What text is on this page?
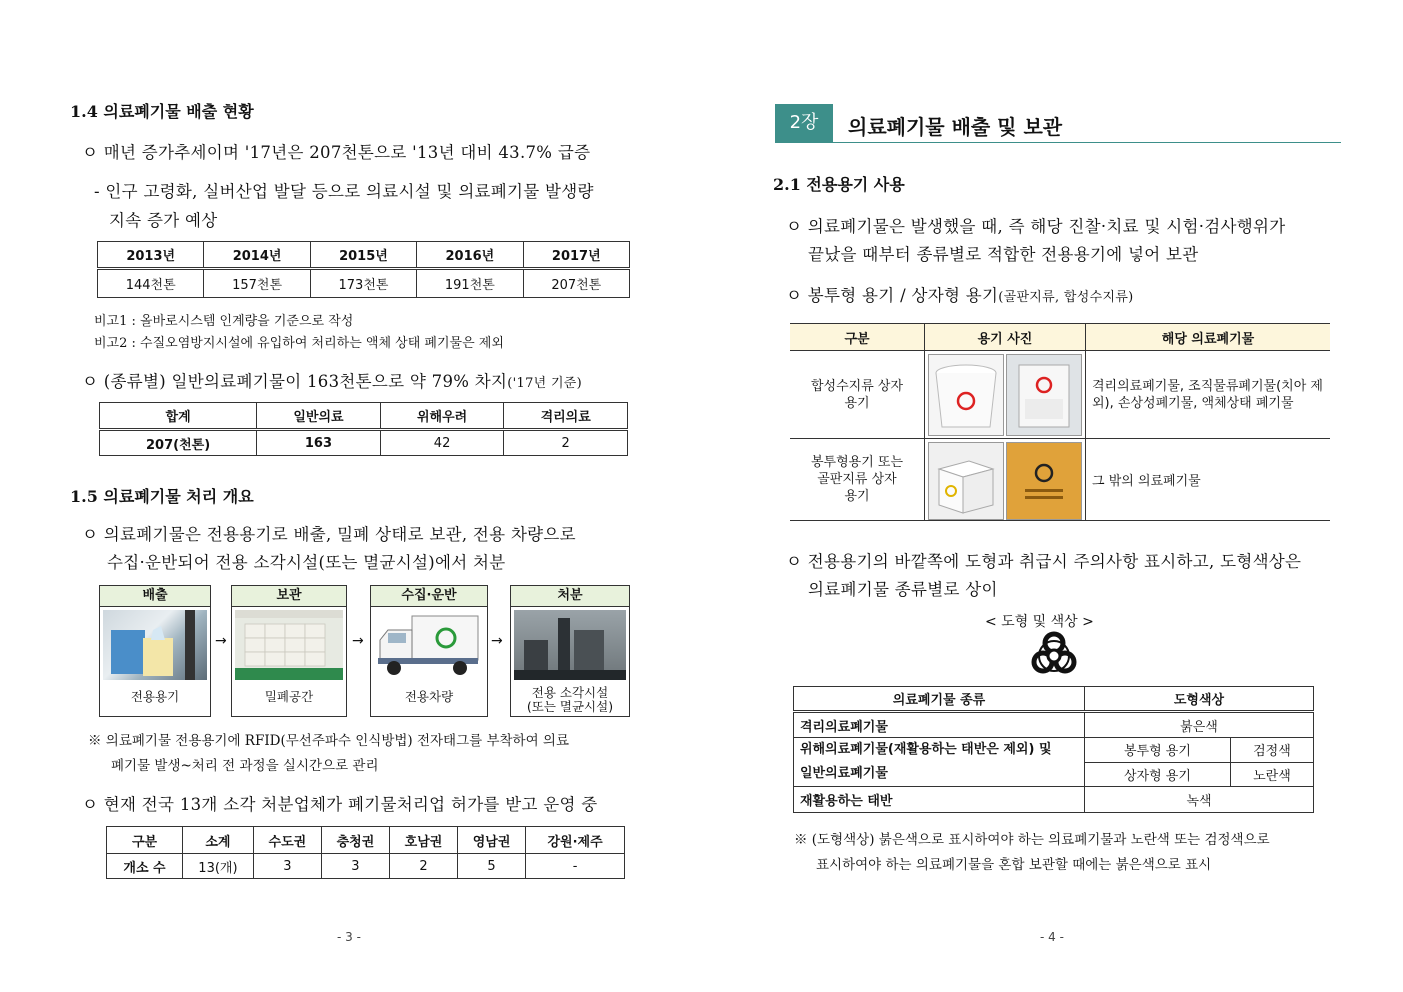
1.4 의료폐기물 배출 현황
ㅇ 매년 증가추세이며 '17년은 207천톤으로 '13년 대비 43.7% 급증
- 인구 고령화, 실버산업 발달 등으로 의료시설 및 의료폐기물 발생량
지속 증가 예상
2013년	2014년	2015년	2016년	2017년
144천톤	157천톤	173천톤	191천톤	207천톤
비고1 : 올바로시스템 인계량을 기준으로 작성
비고2 : 수질오염방지시설에 유입하여 처리하는 액체 상태 폐기물은 제외
ㅇ (종류별) 일반의료폐기물이 163천톤으로 약 79% 차지('17년 기준)
합계	일반의료	위해우려	격리의료
207(천톤)	163	42	2
1.5 의료폐기물 처리 개요
ㅇ 의료폐기물은 전용용기로 배출, 밀폐 상태로 보관, 전용 차량으로
수집·운반되어 전용 소각시설(또는 멸균시설)에서 처분
배출
전용용기
→
보관
밀폐공간
→
수집·운반
전용차량
→
처분
전용 소각시설
(또는 멸균시설)
※ 의료폐기물 전용용기에 RFID(무선주파수 인식방법) 전자태그를 부착하여 의료
폐기물 발생~처리 전 과정을 실시간으로 관리
ㅇ 현재 전국 13개 소각 처분업체가 폐기물처리업 허가를 받고 운영 중
구분	소계	수도권	충청권	호남권	영남권	강원·제주
개소 수	13(개)	3	3	2	5	-
- 3 -
2장	의료폐기물 배출 및 보관
2.1 전용용기 사용
ㅇ 의료폐기물은 발생했을 때, 즉 해당 진찰·치료 및 시험·검사행위가
끝났을 때부터 종류별로 적합한 전용용기에 넣어 보관
ㅇ 봉투형 용기 / 상자형 용기(골판지류, 합성수지류)
구분	용기 사진	해당 의료폐기물

합성수지류 상자
용기		격리의료폐기물, 조직물류폐기물(치아 제외), 손상성폐기물, 액체상태 폐기물

봉투형용기 또는
골판지류 상자
용기		그 밖의 의료폐기물
ㅇ 전용용기의 바깥쪽에 도형과 취급시 주의사항 표시하고, 도형색상은
의료폐기물 종류별로 상이
< 도형 및 색상 >
의료폐기물 종류	도형색상	
격리의료폐기물	붉은색	

위해의료폐기물(재활용하는 태반은 제외) 및
일반의료폐기물	봉투형 용기	검정색
	상자형 용기	노란색
재활용하는 태반	녹색	
※ (도형색상) 붉은색으로 표시하여야 하는 의료폐기물과 노란색 또는 검정색으로
표시하여야 하는 의료폐기물을 혼합 보관할 때에는 붉은색으로 표시
- 4 -
